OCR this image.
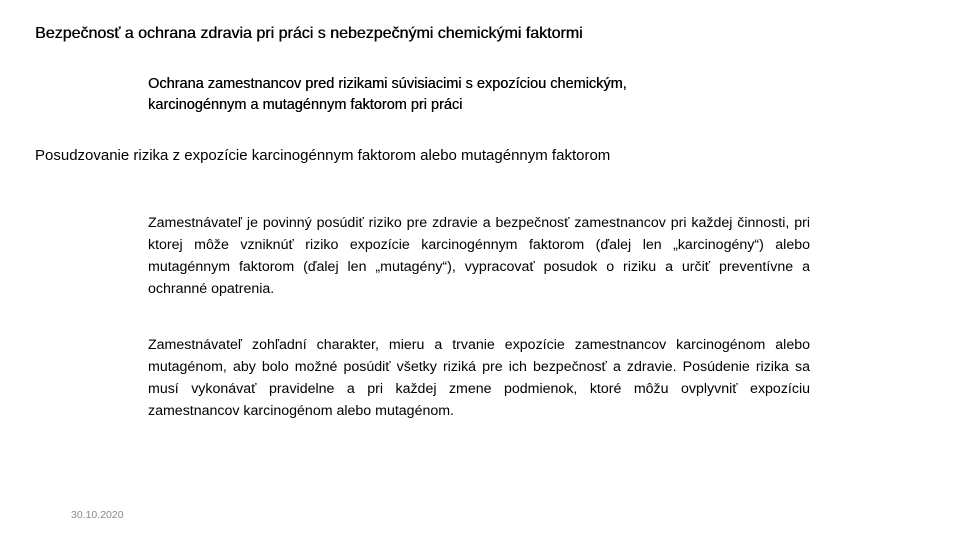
Bezpečnosť a ochrana zdravia pri práci s nebezpečnými chemickými faktormi
Ochrana zamestnancov pred rizikami súvisiacimi s expozíciou chemickým,
karcinogénnym a mutagénnym faktorom pri práci
Posudzovanie rizika z expozície karcinogénnym faktorom alebo mutagénnym faktorom
Zamestnávateľ je povinný posúdiť riziko pre zdravie a bezpečnosť zamestnancov pri každej činnosti, pri ktorej môže vzniknúť riziko expozície karcinogénnym faktorom (ďalej len „karcinogény“) alebo mutagénnym faktorom (ďalej len „mutagény“), vypracovať posudok o riziku a určiť preventívne a ochranné opatrenia.
Zamestnávateľ zohľadní charakter, mieru a trvanie expozície zamestnancov karcinogénom alebo mutagénom, aby bolo možné posúdiť všetky riziká pre ich bezpečnosť a zdravie. Posúdenie rizika sa musí vykonávať pravidelne a pri každej zmene podmienok, ktoré môžu ovplyvniť expozíciu zamestnancov karcinogénom alebo mutagénom.
30.10.2020
